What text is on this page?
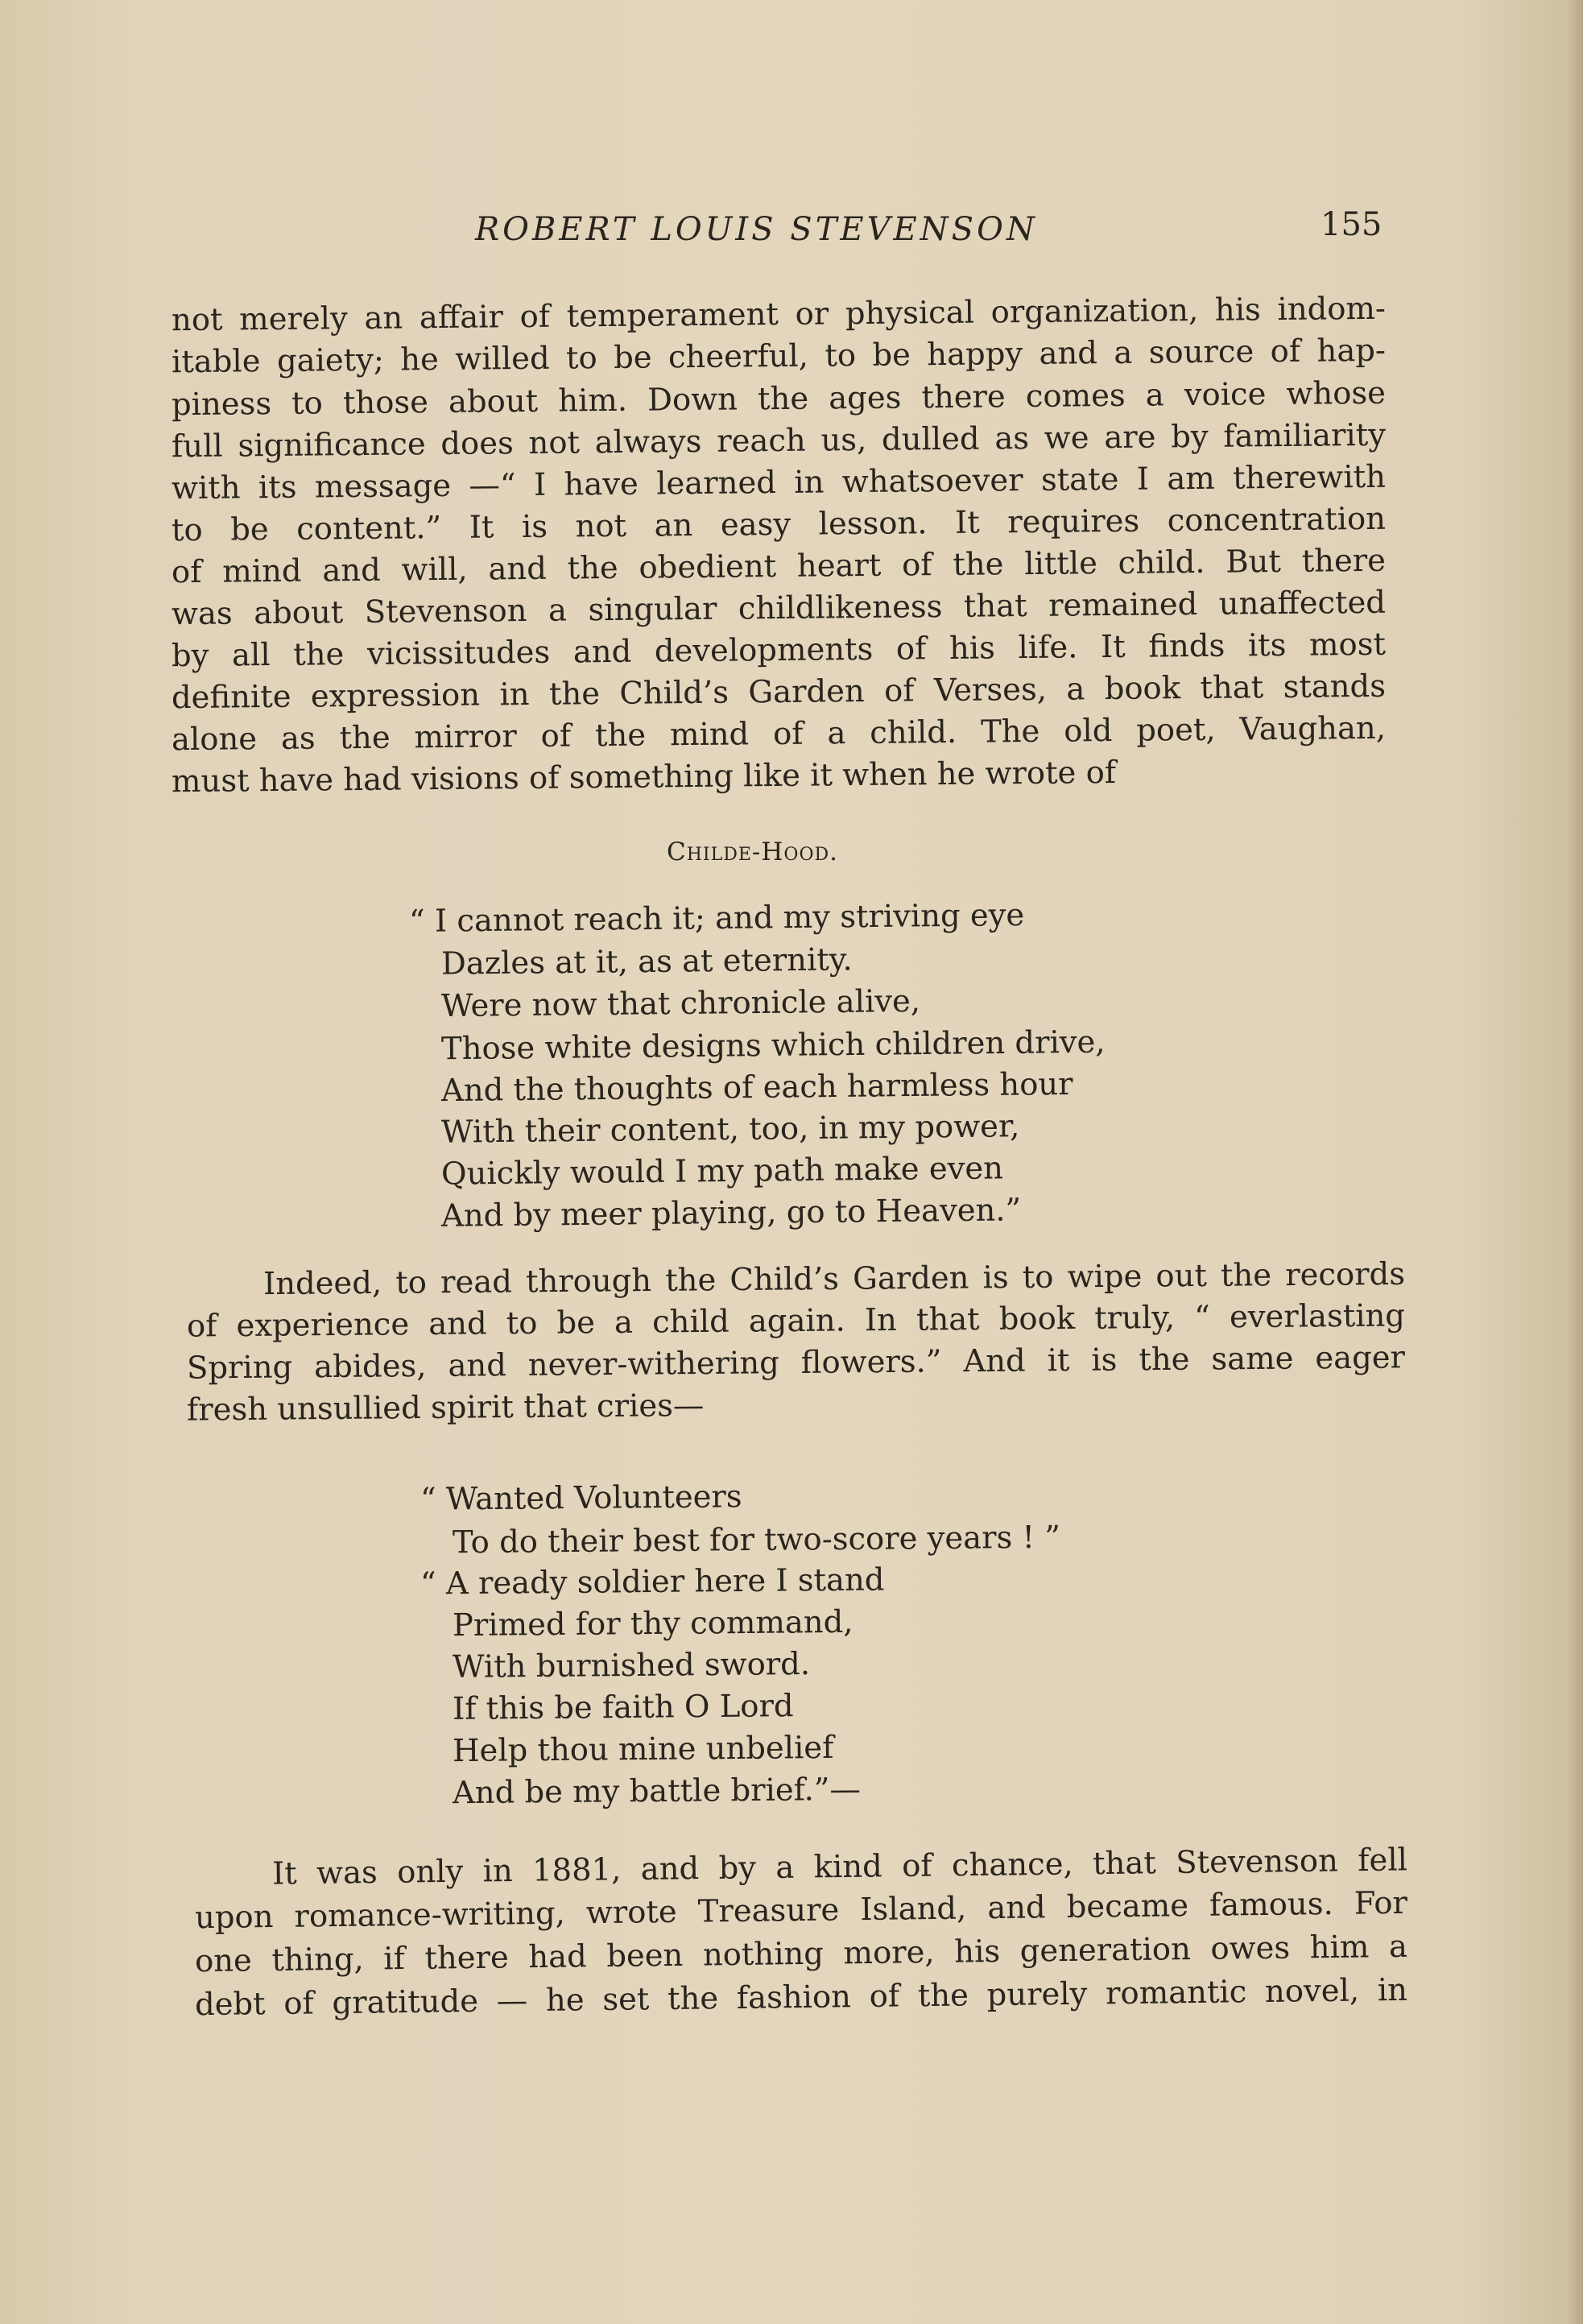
ROBERT LOUIS STEVENSON	155
not merely an affair of temperament or physical organization, his indom-
itable gaiety; he willed to be cheerful, to be happy and a source of hap-
piness to those about him. Down the ages there comes a voice whose
full significance does not always reach us, dulled as we are by familiarity
with its message —“ I have learned in whatsoever state I am therewith
to be content.” It is not an easy lesson. It requires concentration
of mind and will, and the obedient heart of the little child. But there
was about Stevenson a singular childlikeness that remained unaffected
by all the vicissitudes and developments of his life. It finds its most
definite expression in the Child’s Garden of Verses, a book that stands
alone as the mirror of the mind of a child. The old poet, Vaughan,
must have had visions of something like it when he wrote of
Childe-Hood.
“ I cannot reach it; and my striving eye
Dazles at it, as at eternity.
Were now that chronicle alive,
Those white designs which children drive,
And the thoughts of each harmless hour
With their content, too, in my power,
Quickly would I my path make even
And by meer playing, go to Heaven.”
Indeed, to read through the Child’s Garden is to wipe out the records
of experience and to be a child again. In that book truly, “ everlasting
Spring abides, and never-withering flowers.” And it is the same eager
fresh unsullied spirit that cries—
“ Wanted Volunteers
To do their best for two-score years ! ”
“ A ready soldier here I stand
Primed for thy command,
With burnished sword.
If this be faith O Lord
Help thou mine unbelief
And be my battle brief.”—
It was only in 1881, and by a kind of chance, that Stevenson fell
upon romance-writing, wrote Treasure Island, and became famous. For
one thing, if there had been nothing more, his generation owes him a
debt of gratitude — he set the fashion of the purely romantic novel, in
